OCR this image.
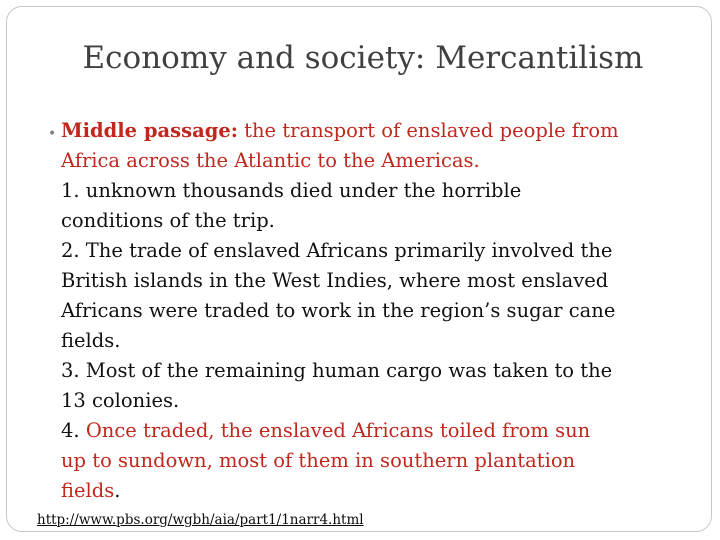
Economy and society: Mercantilism
• Middle passage: the transport of enslaved people from
Africa across the Atlantic to the Americas.
1. unknown thousands died under the horrible
conditions of the trip.
2. The trade of enslaved Africans primarily involved the
British islands in the West Indies, where most enslaved
Africans were traded to work in the region’s sugar cane
fields.
3. Most of the remaining human cargo was taken to the
13 colonies.
4. Once traded, the enslaved Africans toiled from sun
up to sundown, most of them in southern plantation
fields.
http://www.pbs.org/wgbh/aia/part1/1narr4.html
